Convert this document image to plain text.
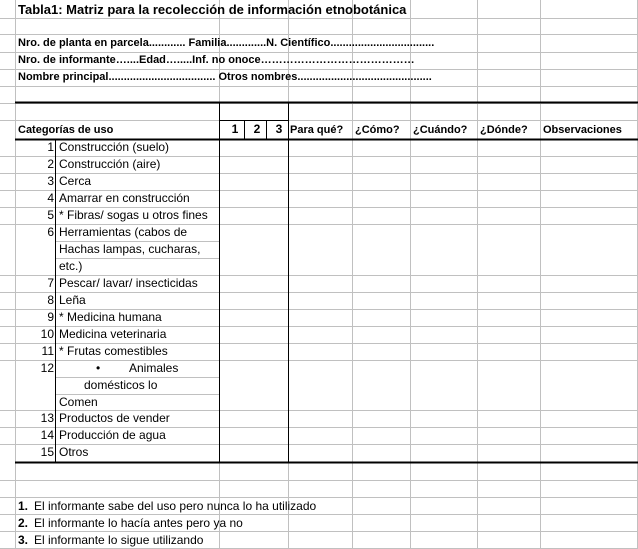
Tabla1: Matriz para la recolección de información etnobotánica
Nro. de planta en parcela............ Familia.............N. Científico..................................
Nro. de informante…....Edad….....Inf. no onoce……………………………………
Nombre principal................................... Otros nombres............................................
Categorías de uso	1	2	3 Para qué? ¿Cómo? ¿Cuándo? ¿Dónde? Observaciones
1 Construcción (suelo)
2 Construcción (aire)
3 Cerca
4 Amarrar en construcción
5 * Fibras/ sogas u otros fines
6 Herramientas (cabos de
Hachas lampas, cucharas,
etc.)
7 Pescar/ lavar/ insecticidas
8 Leña
9 * Medicina humana
10 Medicina veterinaria
11 * Frutas comestibles
12	• Animales
domésticos lo
Comen
13 Productos de vender
14 Producción de agua
15 Otros
1. El informante sabe del uso pero nunca lo ha utilizado
2. El informante lo hacía antes pero ya no
3. El informante lo sigue utilizando
